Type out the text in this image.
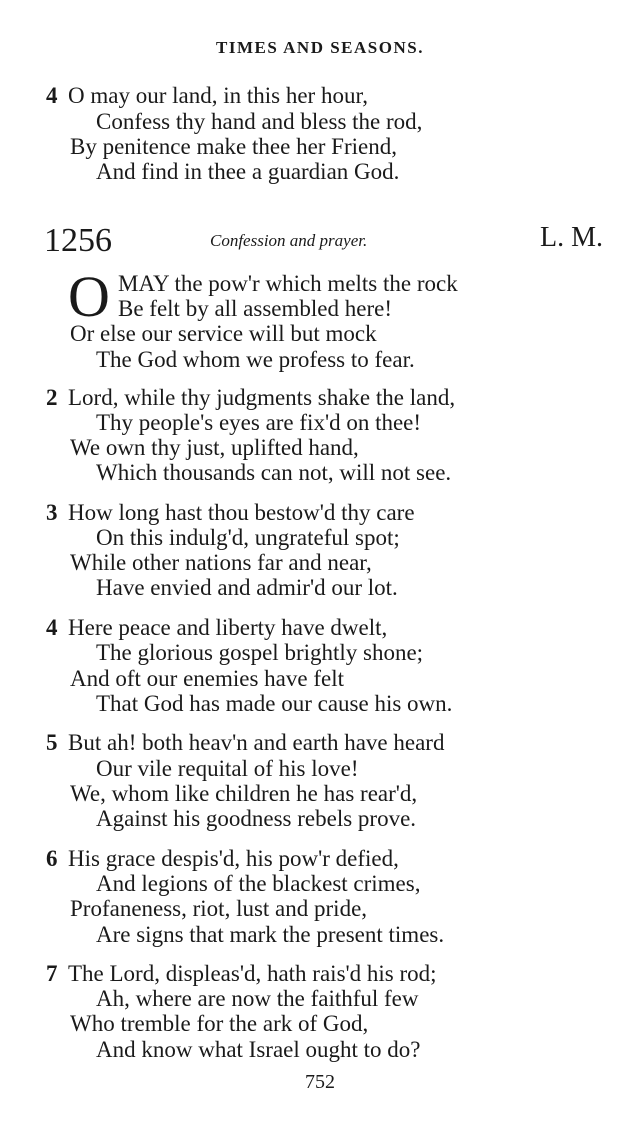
TIMES AND SEASONS.
4 O may our land, in this her hour,
Confess thy hand and bless the rod,
By penitence make thee her Friend,
And find in thee a guardian God.
1256	Confession and prayer.	L. M.
O MAY the pow'r which melts the rock
Be felt by all assembled here!
Or else our service will but mock
The God whom we profess to fear.
2 Lord, while thy judgments shake the land,
Thy people's eyes are fix'd on thee!
We own thy just, uplifted hand,
Which thousands can not, will not see.
3 How long hast thou bestow'd thy care
On this indulg'd, ungrateful spot;
While other nations far and near,
Have envied and admir'd our lot.
4 Here peace and liberty have dwelt,
The glorious gospel brightly shone;
And oft our enemies have felt
That God has made our cause his own.
5 But ah! both heav'n and earth have heard
Our vile requital of his love!
We, whom like children he has rear'd,
Against his goodness rebels prove.
6 His grace despis'd, his pow'r defied,
And legions of the blackest crimes,
Profaneness, riot, lust and pride,
Are signs that mark the present times.
7 The Lord, displeas'd, hath rais'd his rod;
Ah, where are now the faithful few
Who tremble for the ark of God,
And know what Israel ought to do?
752
